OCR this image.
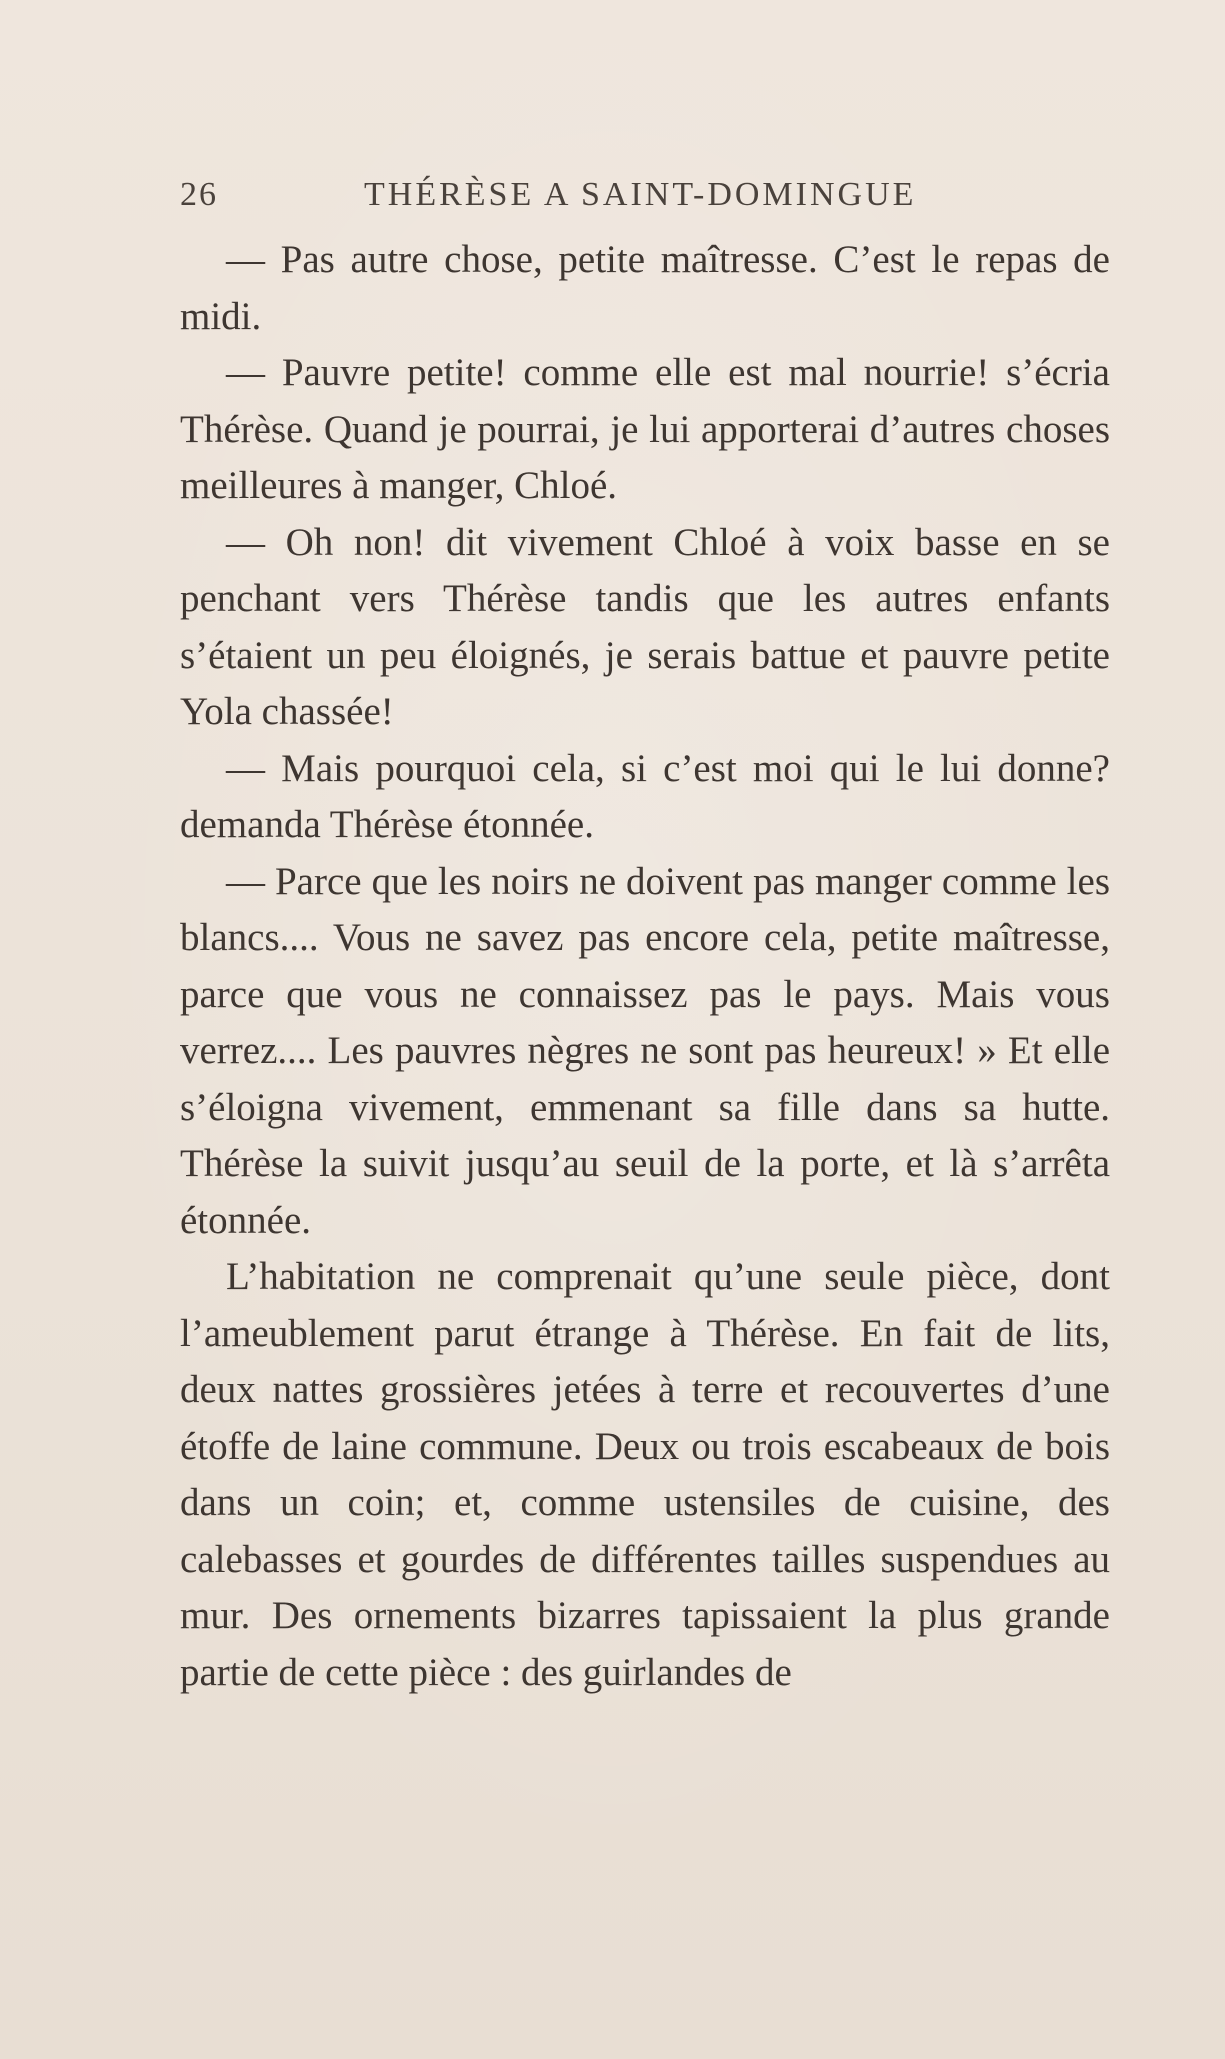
26	THÉRÈSE A SAINT-DOMINGUE

— Pas autre chose, petite maîtresse. C’est le repas de midi.

— Pauvre petite! comme elle est mal nourrie! s’écria Thérèse. Quand je pourrai, je lui apporterai d’autres choses meilleures à manger, Chloé.

— Oh non! dit vivement Chloé à voix basse en se penchant vers Thérèse tandis que les autres enfants s’étaient un peu éloignés, je serais battue et pauvre petite Yola chassée!

— Mais pourquoi cela, si c’est moi qui le lui donne? demanda Thérèse étonnée.

— Parce que les noirs ne doivent pas manger comme les blancs.... Vous ne savez pas encore cela, petite maîtresse, parce que vous ne connaissez pas le pays. Mais vous verrez.... Les pauvres nègres ne sont pas heureux! » Et elle s’éloigna vivement, emmenant sa fille dans sa hutte. Thérèse la suivit jusqu’au seuil de la porte, et là s’arrêta étonnée.

L’habitation ne comprenait qu’une seule pièce, dont l’ameublement parut étrange à Thérèse. En fait de lits, deux nattes grossières jetées à terre et recouvertes d’une étoffe de laine commune. Deux ou trois escabeaux de bois dans un coin; et, comme ustensiles de cuisine, des calebasses et gourdes de différentes tailles suspendues au mur. Des ornements bizarres tapissaient la plus grande partie de cette pièce : des guirlandes de
